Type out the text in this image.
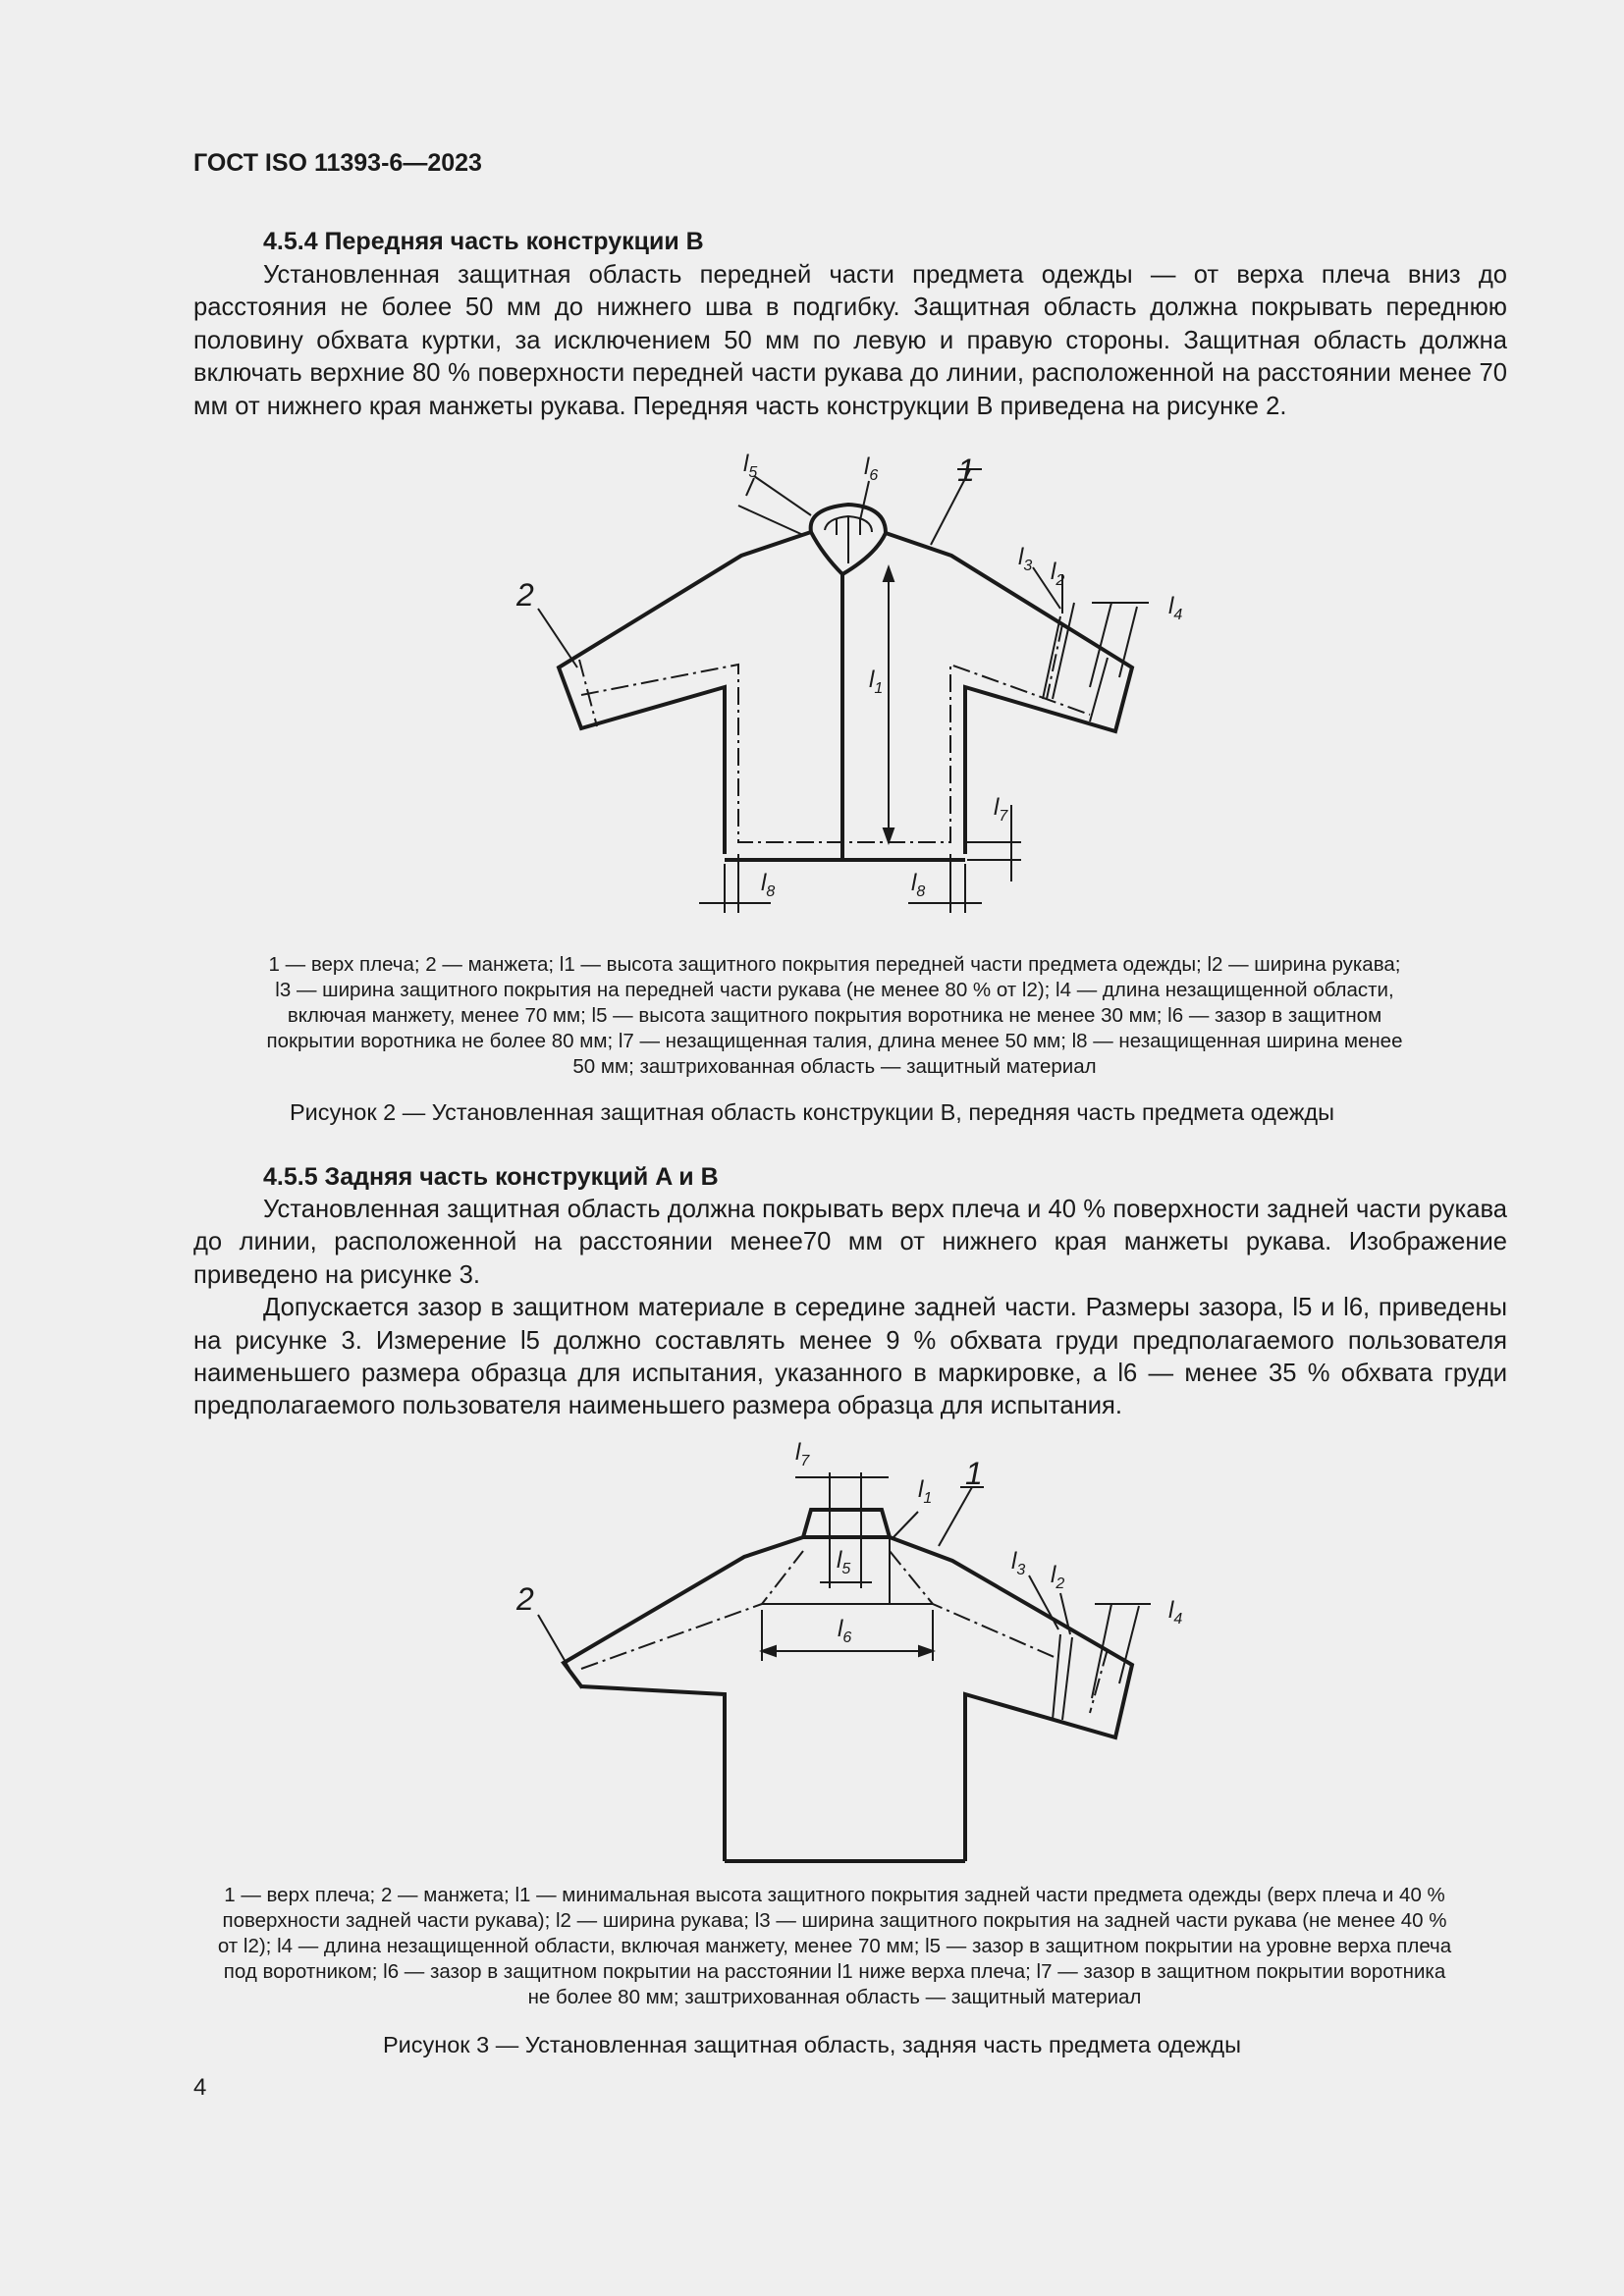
ГОСТ ISO 11393-6—2023
4.5.4 Передняя часть конструкции B

Установленная защитная область передней части предмета одежды — от верха плеча вниз до расстояния не более 50 мм до нижнего шва в подгибку. Защитная область должна покрывать переднюю половину обхвата куртки, за исключением 50 мм по левую и правую стороны. Защитная область должна включать верхние 80 % поверхности передней части рукава до линии, расположенной на расстоянии менее 70 мм от нижнего края манжеты рукава. Передняя часть конструкции B приведена на рисунке 2.

2
1
$l_5$	$l_6$
$l_3$ $l_2$
$l_4$
$l_1$
$l_7$
$l_8$	$l_8$
1 — верх плеча; 2 — манжета; l1 — высота защитного покрытия передней части предмета одежды; l2 — ширина рукава;
l3 — ширина защитного покрытия на передней части рукава (не менее 80 % от l2); l4 — длина незащищенной области,
включая манжету, менее 70 мм; l5 — высота защитного покрытия воротника не менее 30 мм; l6 — зазор в защитном
покрытии воротника не более 80 мм; l7 — незащищенная талия, длина менее 50 мм; l8 — незащищенная ширина менее
50 мм; заштрихованная область — защитный материал
Рисунок 2 — Установленная защитная область конструкции B, передняя часть предмета одежды
4.5.5 Задняя часть конструкций A и B

Установленная защитная область должна покрывать верх плеча и 40 % поверхности задней части рукава до линии, расположенной на расстоянии менее70 мм от нижнего края манжеты рукава. Изображение приведено на рисунке 3.

Допускается зазор в защитном материале в середине задней части. Размеры зазора, l5 и l6, приведены на рисунке 3. Измерение l5 должно составлять менее 9 % обхвата груди предполагаемого пользователя наименьшего размера образца для испытания, указанного в маркировке, а l6 — менее 35 % обхвата груди предполагаемого пользователя наименьшего размера образца для испытания.

2
1
$l_7$
$l_1$
$l_5$
$l_6$
$l_3$ $l_2$
$l_4$
1 — верх плеча; 2 — манжета; l1 — минимальная высота защитного покрытия задней части предмета одежды (верх плеча и 40 %
поверхности задней части рукава); l2 — ширина рукава; l3 — ширина защитного покрытия на задней части рукава (не менее 40 %
от l2); l4 — длина незащищенной области, включая манжету, менее 70 мм; l5 — зазор в защитном покрытии на уровне верха плеча
под воротником; l6 — зазор в защитном покрытии на расстоянии l1 ниже верха плеча; l7 — зазор в защитном покрытии воротника
не более 80 мм; заштрихованная область — защитный материал
Рисунок 3 — Установленная защитная область, задняя часть предмета одежды
4
